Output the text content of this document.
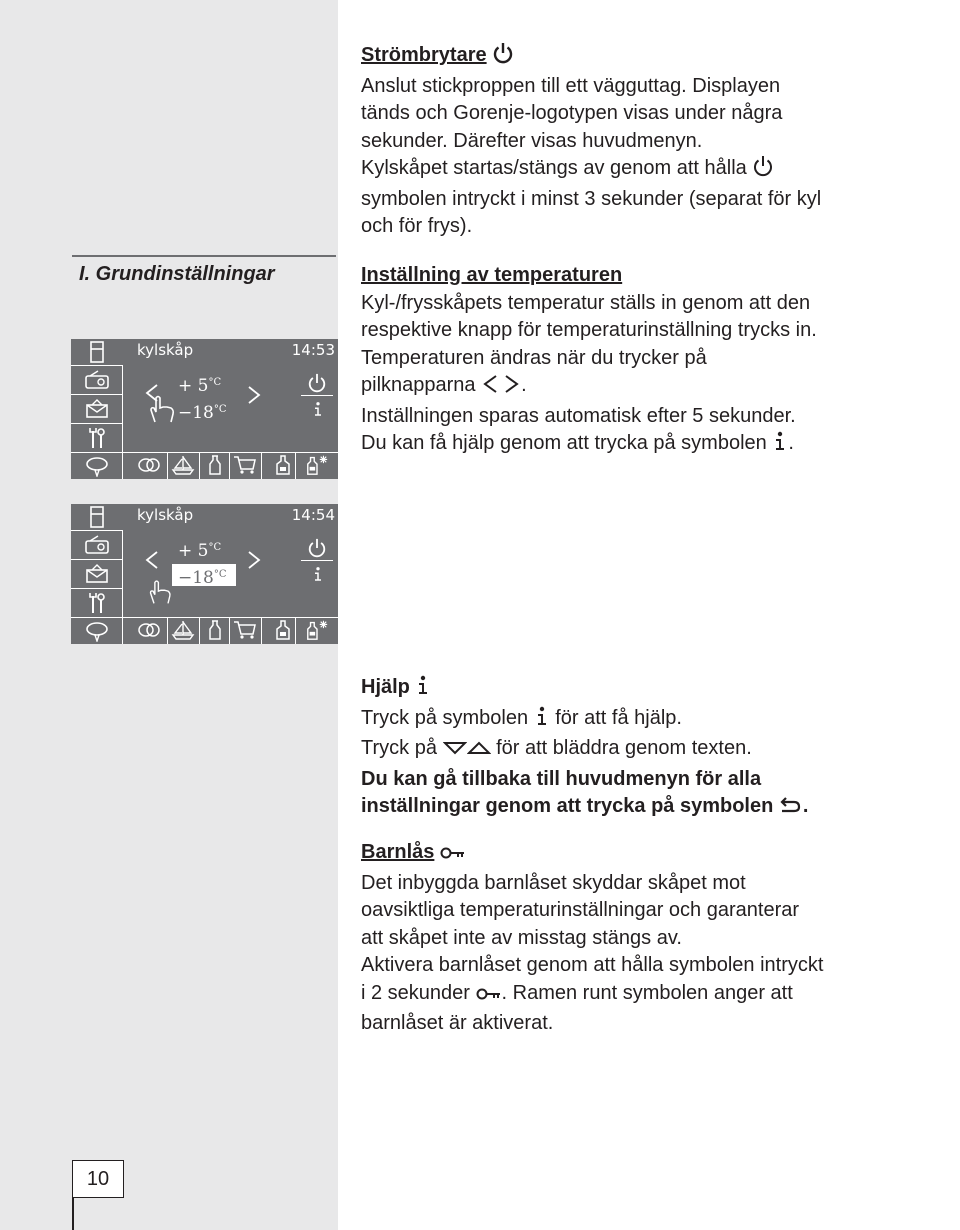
I. Grundinställningar

Strömbrytare

Anslut stickproppen till ett vägguttag. Displayen

tänds och Gorenje-logotypen visas under några

sekunder. Därefter visas huvudmenyn.

Kylskåpet startas/stängs av genom att hålla

symbolen intryckt i minst 3 sekunder (separat för kyl

och för frys).

Inställning av temperaturen

Kyl-/frysskåpets temperatur ställs in genom att den

respektive knapp för temperaturinställning trycks in.

Temperaturen ändras när du trycker på

pilknapparna .

Inställningen sparas automatisk efter 5 sekunder.

Du kan få hjälp genom att trycka på symbolen .

kylskåp	14:53
+ $5^{^\circ C}$
$-18^{^\circ C}$
kylskåp	14:54
+ $5^{^\circ C}$
$-18^{^\circ C}$

Hjälp

Tryck på symbolen för att få hjälp.

Tryck på	för att bläddra genom texten.

Du kan gå tillbaka till huvudmenyn för alla

inställningar genom att trycka på symbolen .

Barnlås

Det inbyggda barnlåset skyddar skåpet mot

oavsiktliga temperaturinställningar och garanterar

att skåpet inte av misstag stängs av.

Aktivera barnlåset genom att hålla symbolen intryckt

i 2 sekunder . Ramen runt symbolen anger att

barnlåset är aktiverat.

10
